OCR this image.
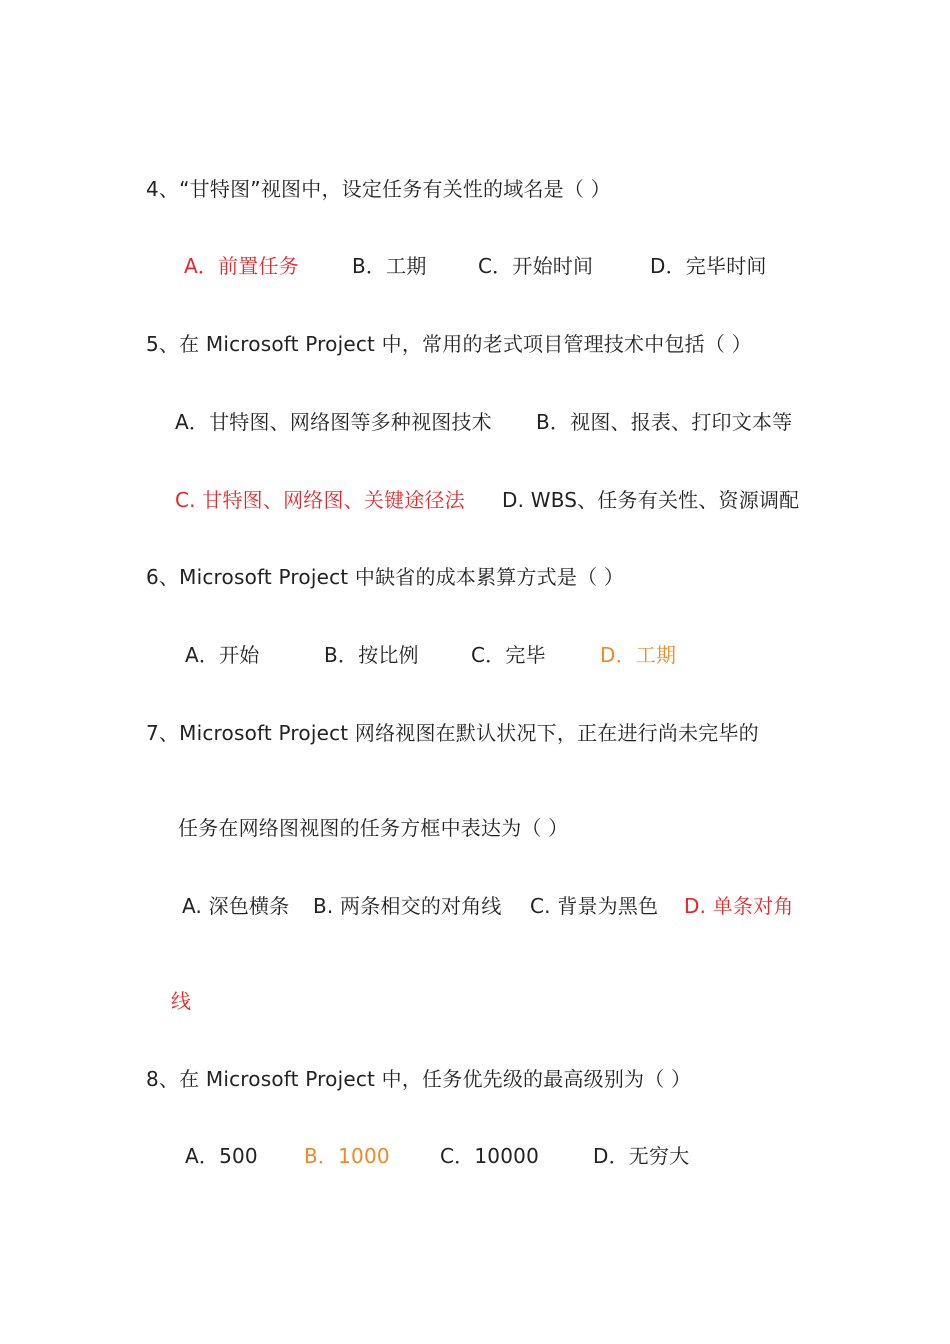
4、“甘特图”视图中，设定任务有关性的域名是（ ）
A．前置任务	B．工期	C．开始时间	D．完毕时间
5、在 Microsoft Project 中，常用的老式项目管理技术中包括（ ）
A．甘特图、网络图等多种视图技术 B．视图、报表、打印文本等
C. 甘特图、网络图、关键途径法 D. WBS、任务有关性、资源调配
6、Microsoft Project 中缺省的成本累算方式是（ ）
A．开始	B．按比例	C．完毕	D．工期
7、Microsoft Project 网络视图在默认状况下，正在进行尚未完毕的
任务在网络图视图的任务方框中表达为（ ）
A. 深色横条 B. 两条相交的对角线 C. 背景为黑色 D. 单条对角
线
8、在 Microsoft Project 中，任务优先级的最高级别为（ ）
A．500 B．1000	C．10000	D．无穷大
